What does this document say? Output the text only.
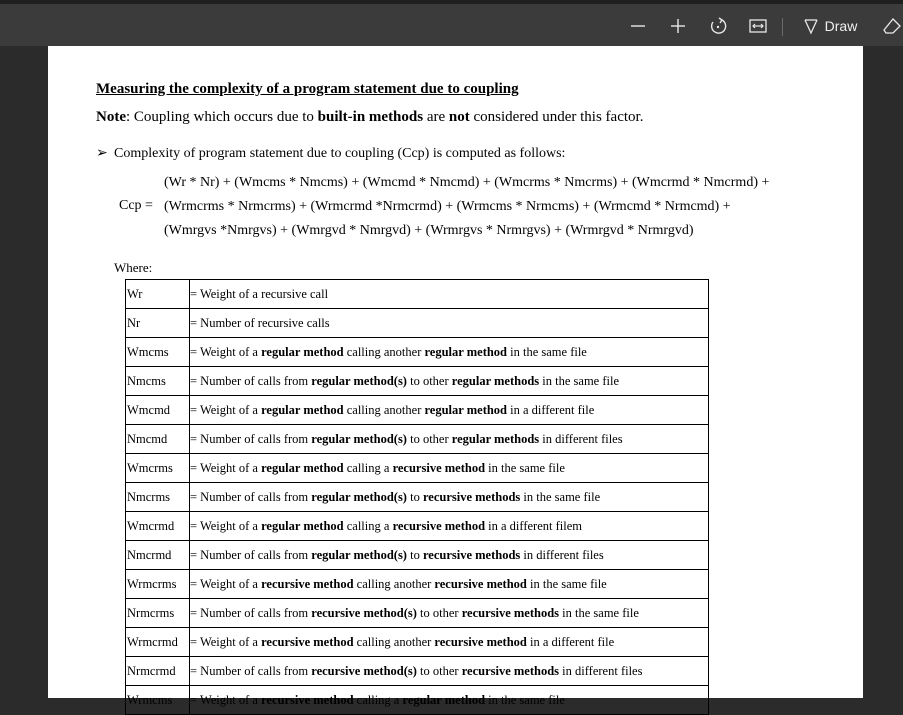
Draw
Measuring the complexity of a program statement due to coupling
Note: Coupling which occurs due to built-in methods are not considered under this factor.
➢ Complexity of program statement due to coupling (Ccp) is computed as follows:
Ccp =
(Wr * Nr) + (Wmcms * Nmcms) + (Wmcmd * Nmcmd) + (Wmcrms * Nmcrms) + (Wmcrmd * Nmcrmd) +
(Wrmcrms * Nrmcrms) + (Wrmcrmd *Nrmcrmd) + (Wrmcms * Nrmcms) + (Wrmcmd * Nrmcmd) +
(Wmrgvs *Nmrgvs) + (Wmrgvd * Nmrgvd) + (Wrmrgvs * Nrmrgvs) + (Wrmrgvd * Nrmrgvd)
Where:
Wr	= Weight of a recursive call
Nr	= Number of recursive calls
Wmcms	= Weight of a regular method calling another regular method in the same file
Nmcms	= Number of calls from regular method(s) to other regular methods in the same file
Wmcmd	= Weight of a regular method calling another regular method in a different file
Nmcmd	= Number of calls from regular method(s) to other regular methods in different files
Wmcrms	= Weight of a regular method calling a recursive method in the same file
Nmcrms	= Number of calls from regular method(s) to recursive methods in the same file
Wmcrmd	= Weight of a regular method calling a recursive method in a different filem
Nmcrmd	= Number of calls from regular method(s) to recursive methods in different files
Wrmcrms	= Weight of a recursive method calling another recursive method in the same file
Nrmcrms	= Number of calls from recursive method(s) to other recursive methods in the same file
Wrmcrmd	= Weight of a recursive method calling another recursive method in a different file
Nrmcrmd	= Number of calls from recursive method(s) to other recursive methods in different files
Wrmcms	= Weight of a recursive method calling a regular method in the same file
